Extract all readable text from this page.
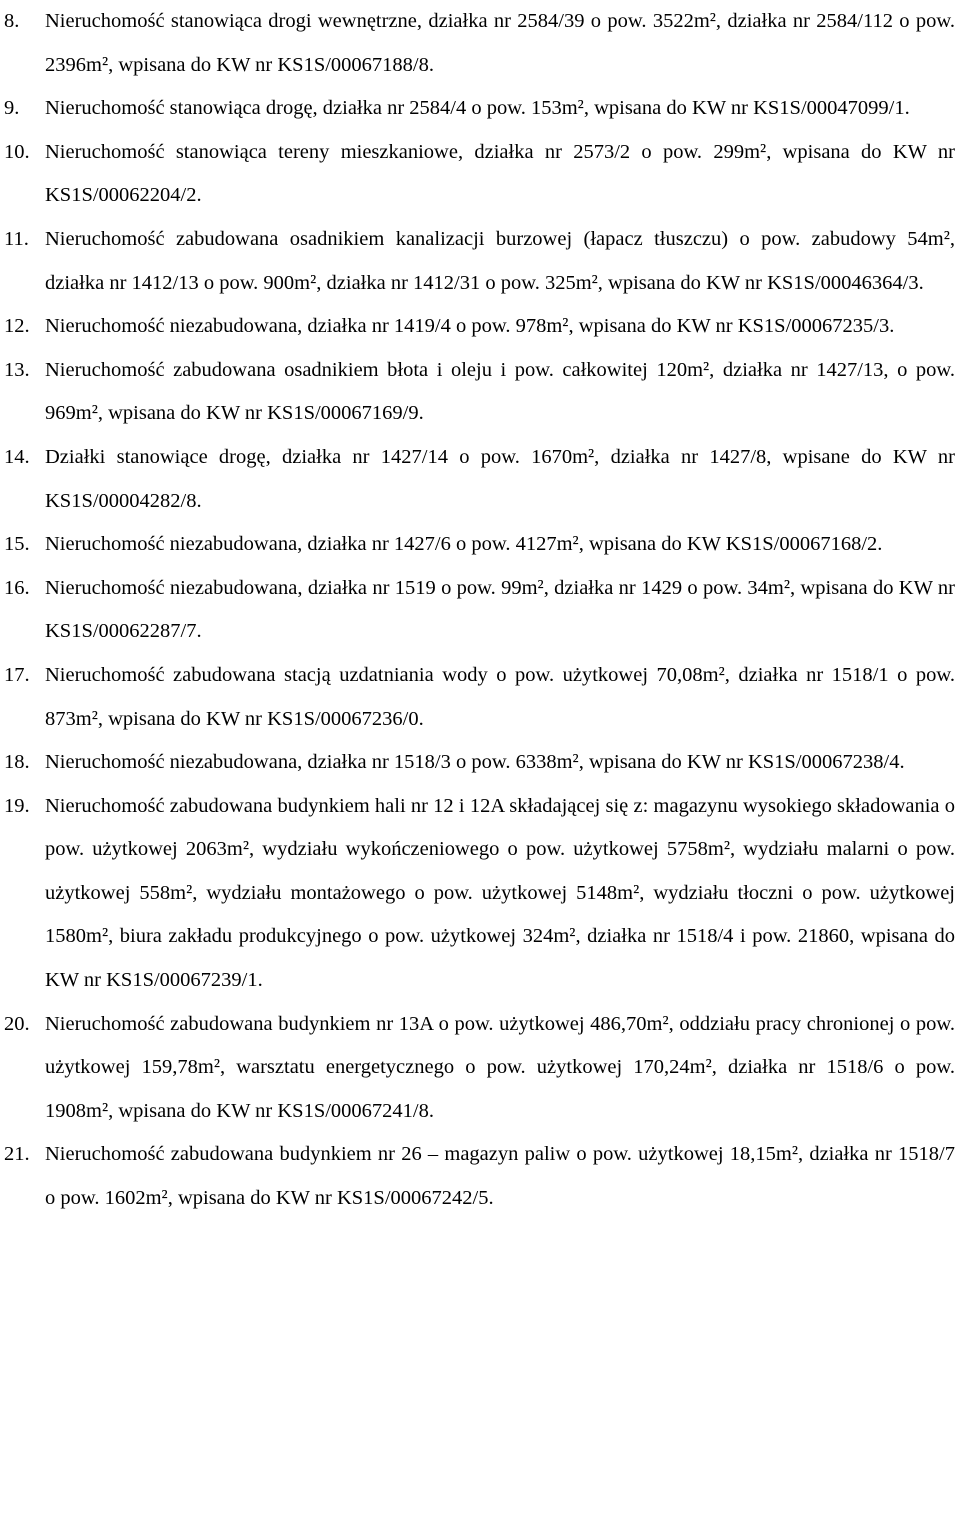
8. Nieruchomość stanowiąca drogi wewnętrzne, działka nr 2584/39 o pow. 3522m², działka nr 2584/112 o pow. 2396m², wpisana do KW nr KS1S/00067188/8.
9. Nieruchomość stanowiąca drogę, działka nr 2584/4 o pow. 153m², wpisana do KW nr KS1S/00047099/1.
10. Nieruchomość stanowiąca tereny mieszkaniowe, działka nr 2573/2 o pow. 299m², wpisana do KW nr KS1S/00062204/2.
11. Nieruchomość zabudowana osadnikiem kanalizacji burzowej (łapacz tłuszczu) o pow. zabudowy 54m², działka nr 1412/13 o pow. 900m², działka nr 1412/31 o pow. 325m², wpisana do KW nr KS1S/00046364/3.
12. Nieruchomość niezabudowana, działka nr 1419/4 o pow. 978m², wpisana do KW nr KS1S/00067235/3.
13. Nieruchomość zabudowana osadnikiem błota i oleju i pow. całkowitej 120m², działka nr 1427/13, o pow. 969m², wpisana do KW nr KS1S/00067169/9.
14. Działki stanowiące drogę, działka nr 1427/14 o pow. 1670m², działka nr 1427/8, wpisane do KW nr KS1S/00004282/8.
15. Nieruchomość niezabudowana, działka nr 1427/6 o pow. 4127m², wpisana do KW KS1S/00067168/2.
16. Nieruchomość niezabudowana, działka nr 1519 o pow. 99m², działka nr 1429 o pow. 34m², wpisana do KW nr KS1S/00062287/7.
17. Nieruchomość zabudowana stacją uzdatniania wody o pow. użytkowej 70,08m², działka nr 1518/1 o pow. 873m², wpisana do KW nr KS1S/00067236/0.
18. Nieruchomość niezabudowana, działka nr 1518/3 o pow. 6338m², wpisana do KW nr KS1S/00067238/4.
19. Nieruchomość zabudowana budynkiem hali nr 12 i 12A składającej się z: magazynu wysokiego składowania o pow. użytkowej 2063m², wydziału wykończeniowego o pow. użytkowej 5758m², wydziału malarni o pow. użytkowej 558m², wydziału montażowego o pow. użytkowej 5148m², wydziału tłoczni o pow. użytkowej 1580m², biura zakładu produkcyjnego o pow. użytkowej 324m², działka nr 1518/4 i pow. 21860, wpisana do KW nr KS1S/00067239/1.
20. Nieruchomość zabudowana budynkiem nr 13A o pow. użytkowej 486,70m², oddziału pracy chronionej o pow. użytkowej 159,78m², warsztatu energetycznego o pow. użytkowej 170,24m², działka nr 1518/6 o pow. 1908m², wpisana do KW nr KS1S/00067241/8.
21. Nieruchomość zabudowana budynkiem nr 26 – magazyn paliw o pow. użytkowej 18,15m², działka nr 1518/7 o pow. 1602m², wpisana do KW nr KS1S/00067242/5.
